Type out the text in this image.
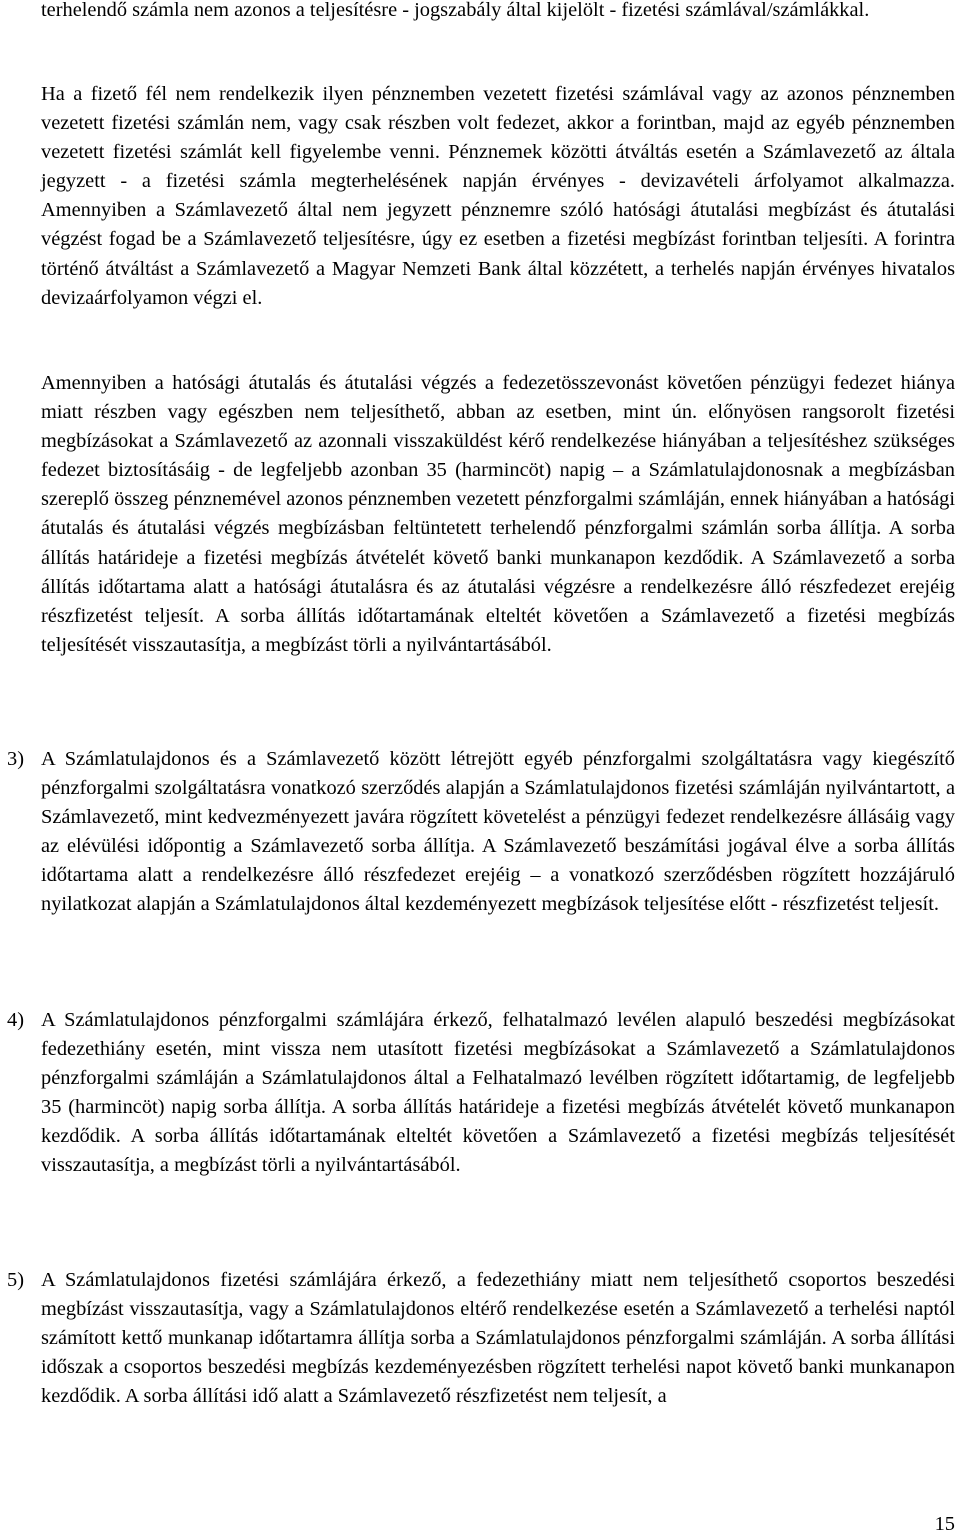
terhelendő számla nem azonos a teljesítésre - jogszabály által kijelölt - fizetési számlával/számlákkal.

Ha a fizető fél nem rendelkezik ilyen pénznemben vezetett fizetési számlával vagy az azonos pénznemben vezetett fizetési számlán nem, vagy csak részben volt fedezet, akkor a forintban, majd az egyéb pénznemben vezetett fizetési számlát kell figyelembe venni. Pénznemek közötti átváltás esetén a Számlavezető az általa jegyzett - a fizetési számla megterhelésének napján érvényes - devizavételi árfolyamot alkalmazza. Amennyiben a Számlavezető által nem jegyzett pénznemre szóló hatósági átutalási megbízást és átutalási végzést fogad be a Számlavezető teljesítésre, úgy ez esetben a fizetési megbízást forintban teljesíti. A forintra történő átváltást a Számlavezető a Magyar Nemzeti Bank által közzétett, a terhelés napján érvényes hivatalos devizaárfolyamon végzi el.

Amennyiben a hatósági átutalás és átutalási végzés a fedezetösszevonást követően pénzügyi fedezet hiánya miatt részben vagy egészben nem teljesíthető, abban az esetben, mint ún. előnyösen rangsorolt fizetési megbízásokat a Számlavezető az azonnali visszaküldést kérő rendelkezése hiányában a teljesítéshez szükséges fedezet biztosításáig - de legfeljebb azonban 35 (harmincöt) napig – a Számlatulajdonosnak a megbízásban szereplő összeg pénznemével azonos pénznemben vezetett pénzforgalmi számláján, ennek hiányában a hatósági átutalás és átutalási végzés megbízásban feltüntetett terhelendő pénzforgalmi számlán sorba állítja. A sorba állítás határideje a fizetési megbízás átvételét követő banki munkanapon kezdődik. A Számlavezető a sorba állítás időtartama alatt a hatósági átutalásra és az átutalási végzésre a rendelkezésre álló részfedezet erejéig részfizetést teljesít. A sorba állítás időtartamának elteltét követően a Számlavezető a fizetési megbízás teljesítését visszautasítja, a megbízást törli a nyilvántartásából.

3) A Számlatulajdonos és a Számlavezető között létrejött egyéb pénzforgalmi szolgáltatásra vagy kiegészítő pénzforgalmi szolgáltatásra vonatkozó szerződés alapján a Számlatulajdonos fizetési számláján nyilvántartott, a Számlavezető, mint kedvezményezett javára rögzített követelést a pénzügyi fedezet rendelkezésre állásáig vagy az elévülési időpontig a Számlavezető sorba állítja. A Számlavezető beszámítási jogával élve a sorba állítás időtartama alatt a rendelkezésre álló részfedezet erejéig – a vonatkozó szerződésben rögzített hozzájáruló nyilatkozat alapján a Számlatulajdonos által kezdeményezett megbízások teljesítése előtt - részfizetést teljesít.

4) A Számlatulajdonos pénzforgalmi számlájára érkező, felhatalmazó levélen alapuló beszedési megbízásokat fedezethiány esetén, mint vissza nem utasított fizetési megbízásokat a Számlavezető a Számlatulajdonos pénzforgalmi számláján a Számlatulajdonos által a Felhatalmazó levélben rögzített időtartamig, de legfeljebb 35 (harmincöt) napig sorba állítja. A sorba állítás határideje a fizetési megbízás átvételét követő munkanapon kezdődik. A sorba állítás időtartamának elteltét követően a Számlavezető a fizetési megbízás teljesítését visszautasítja, a megbízást törli a nyilvántartásából.

5) A Számlatulajdonos fizetési számlájára érkező, a fedezethiány miatt nem teljesíthető csoportos beszedési megbízást visszautasítja, vagy a Számlatulajdonos eltérő rendelkezése esetén a Számlavezető a terhelési naptól számított kettő munkanap időtartamra állítja sorba a Számlatulajdonos pénzforgalmi számláján. A sorba állítási időszak a csoportos beszedési megbízás kezdeményezésben rögzített terhelési napot követő banki munkanapon kezdődik. A sorba állítási idő alatt a Számlavezető részfizetést nem teljesít, a

15
